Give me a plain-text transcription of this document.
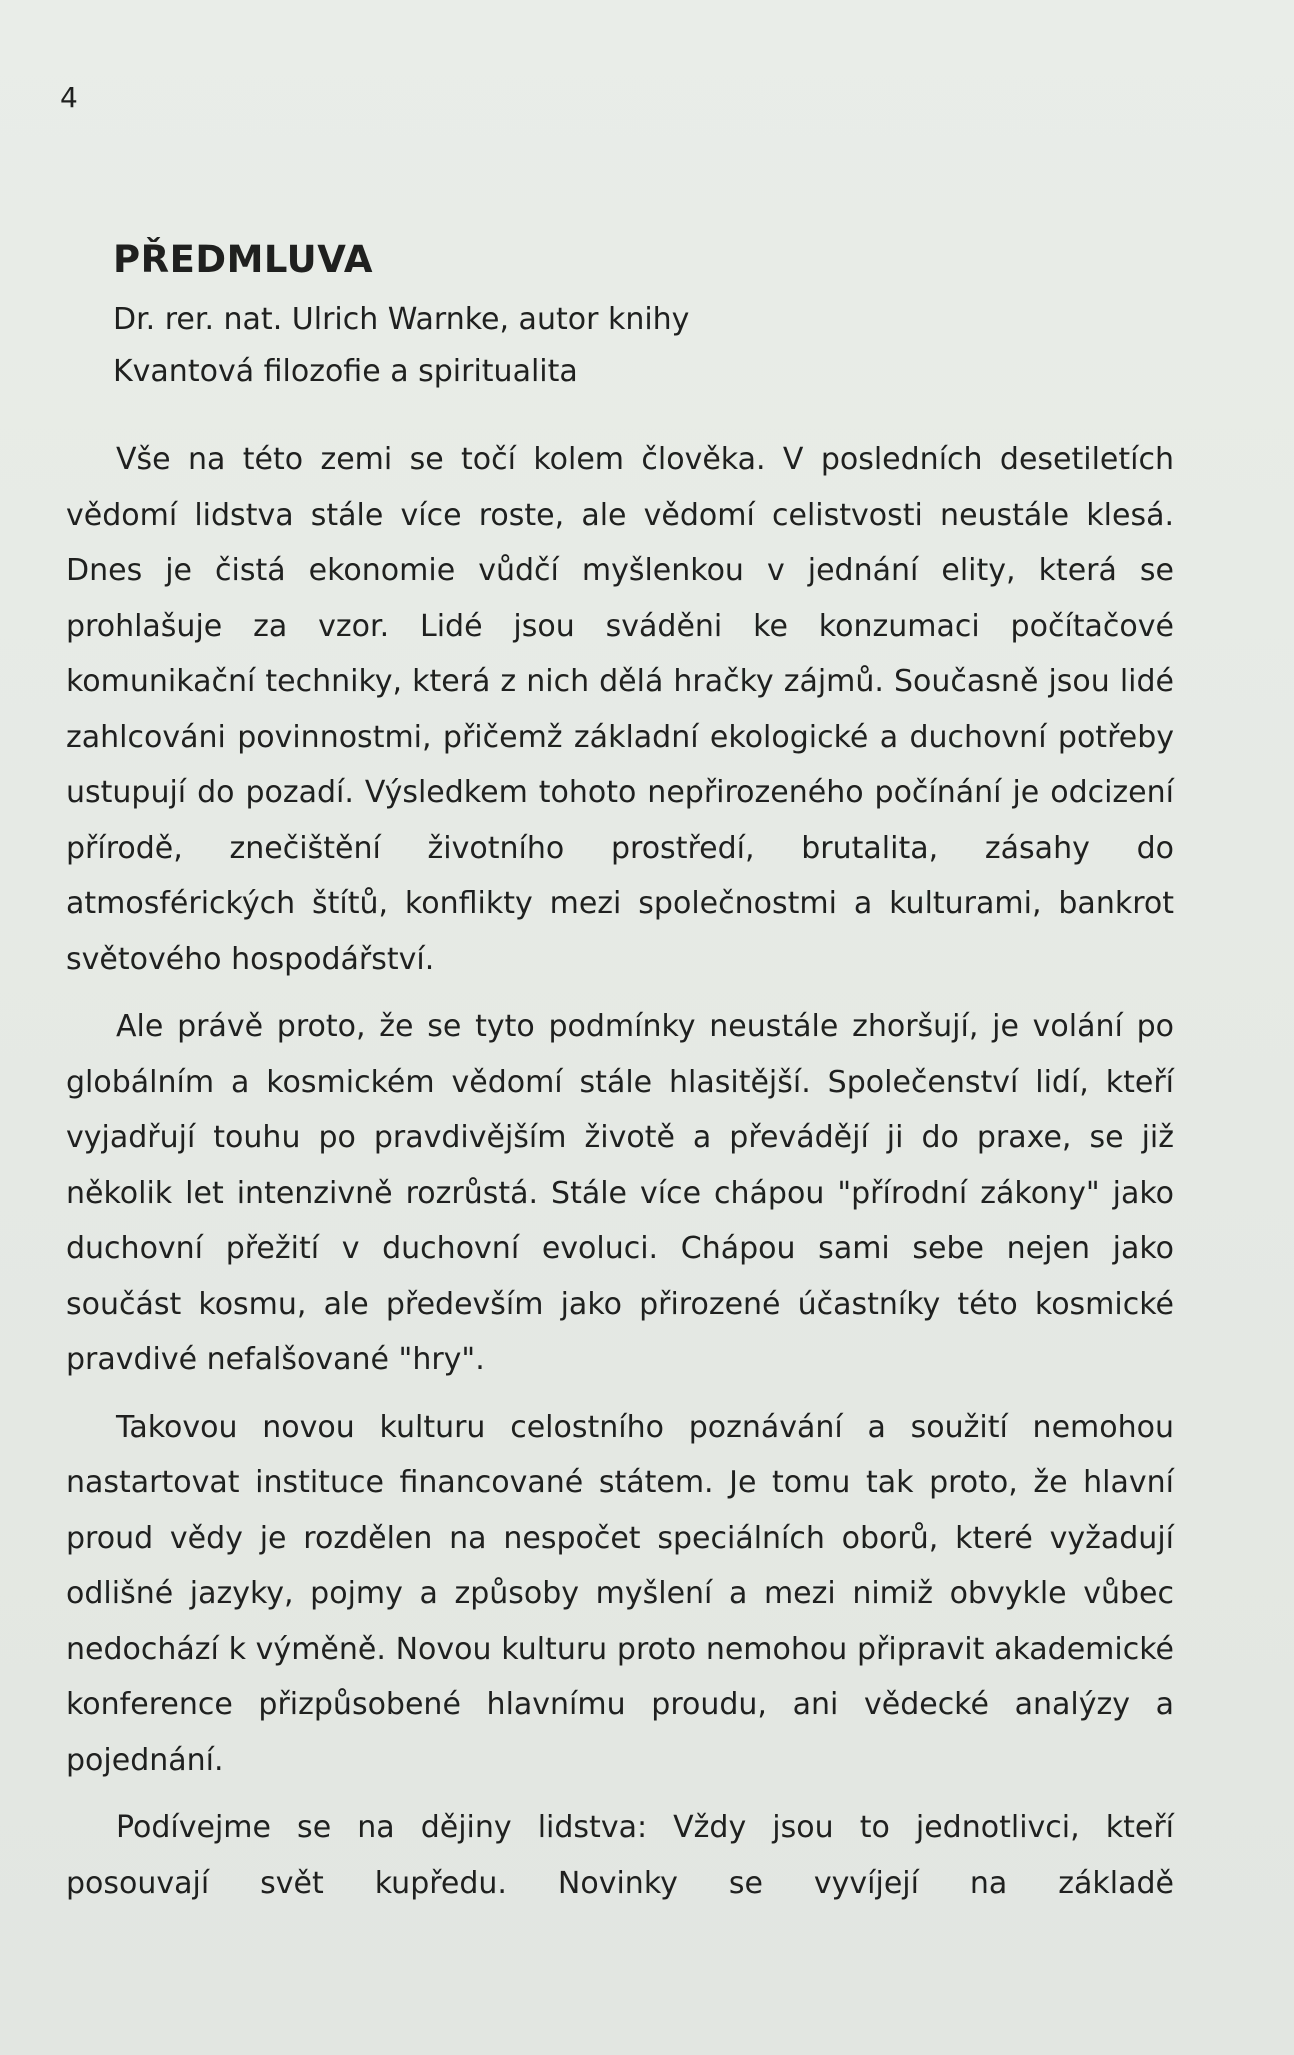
4
PŘEDMLUVA
Dr. rer. nat. Ulrich Warnke, autor knihy
Kvantová filozofie a spiritualita

Vše na této zemi se točí kolem člověka. V posledních desetiletích vědomí lidstva stále více roste, ale vědomí celistvosti neustále klesá. Dnes je čistá ekonomie vůdčí myšlenkou v jednání elity, která se prohlašuje za vzor. Lidé jsou sváděni ke konzumaci počítačové komunikační techniky, která z nich dělá hračky zájmů. Současně jsou lidé zahlcováni povinnostmi, přičemž základní ekologické a duchovní potřeby ustupují do pozadí. Výsledkem tohoto nepřirozeného počínání je odcizení přírodě, znečištění životního prostředí, brutalita, zásahy do atmosférických štítů, konflikty mezi společnostmi a kulturami, bankrot světového hospodářství.

Ale právě proto, že se tyto podmínky neustále zhoršují, je volání po globálním a kosmickém vědomí stále hlasitější. Společenství lidí, kteří vyjadřují touhu po pravdivějším životě a převádějí ji do praxe, se již několik let intenzivně rozrůstá. Stále více chápou "přírodní zákony" jako duchovní přežití v duchovní evoluci. Chápou sami sebe nejen jako součást kosmu, ale především jako přirozené účastníky této kosmické pravdivé nefalšované "hry".

Takovou novou kulturu celostního poznávání a soužití nemohou nastartovat instituce financované státem. Je tomu tak proto, že hlavní proud vědy je rozdělen na nespočet speciálních oborů, které vyžadují odlišné jazyky, pojmy a způsoby myšlení a mezi nimiž obvykle vůbec nedochází k výměně. Novou kulturu proto nemohou připravit akademické konference přizpůsobené hlavnímu proudu, ani vědecké analýzy a pojednání.

Podívejme se na dějiny lidstva: Vždy jsou to jednotlivci, kteří posouvají svět kupředu. Novinky se vyvíjejí na základě
